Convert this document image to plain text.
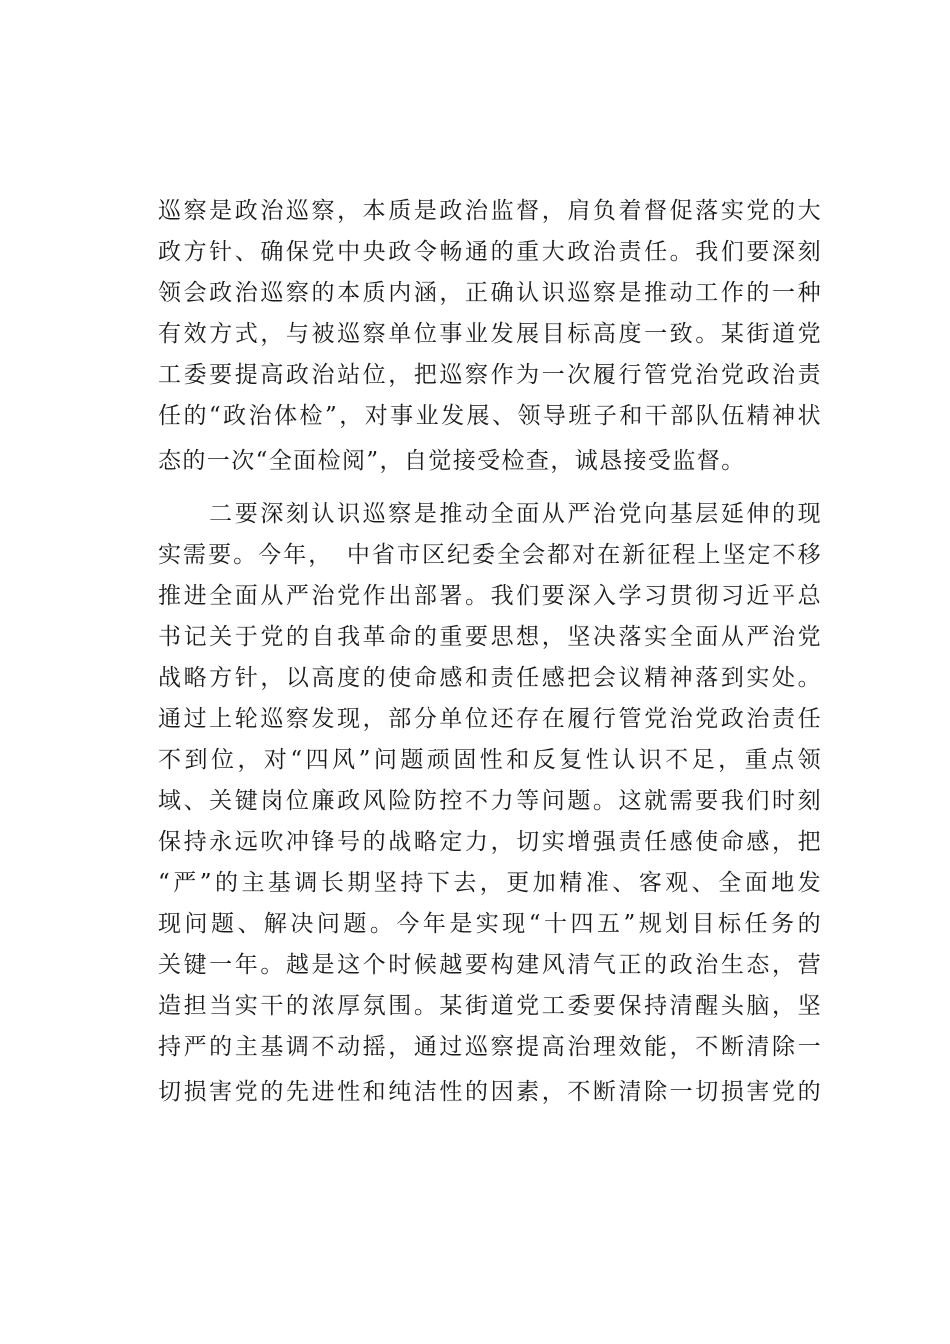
巡察是政治巡察，本质是政治监督，肩负着督促落实党的大
政方针、确保党中央政令畅通的重大政治责任。我们要深刻
领会政治巡察的本质内涵，正确认识巡察是推动工作的一种
有效方式，与被巡察单位事业发展目标高度一致。某街道党
工委要提高政治站位，把巡察作为一次履行管党治党政治责
任的“政治体检”，对事业发展、领导班子和干部队伍精神状
态的一次“全面检阅”，自觉接受检查，诚恳接受监督。
　　二要深刻认识巡察是推动全面从严治党向基层延伸的现
实需要。今年，　中省市区纪委全会都对在新征程上坚定不移
推进全面从严治党作出部署。我们要深入学习贯彻习近平总
书记关于党的自我革命的重要思想，坚决落实全面从严治党
战略方针，以高度的使命感和责任感把会议精神落到实处。
通过上轮巡察发现，部分单位还存在履行管党治党政治责任
不到位，对“四风”问题顽固性和反复性认识不足，重点领
域、关键岗位廉政风险防控不力等问题。这就需要我们时刻
保持永远吹冲锋号的战略定力，切实增强责任感使命感，把
“严”的主基调长期坚持下去，更加精准、客观、全面地发
现问题、解决问题。今年是实现“十四五”规划目标任务的
关键一年。越是这个时候越要构建风清气正的政治生态，营
造担当实干的浓厚氛围。某街道党工委要保持清醒头脑，坚
持严的主基调不动摇，通过巡察提高治理效能，不断清除一
切损害党的先进性和纯洁性的因素，不断清除一切损害党的
